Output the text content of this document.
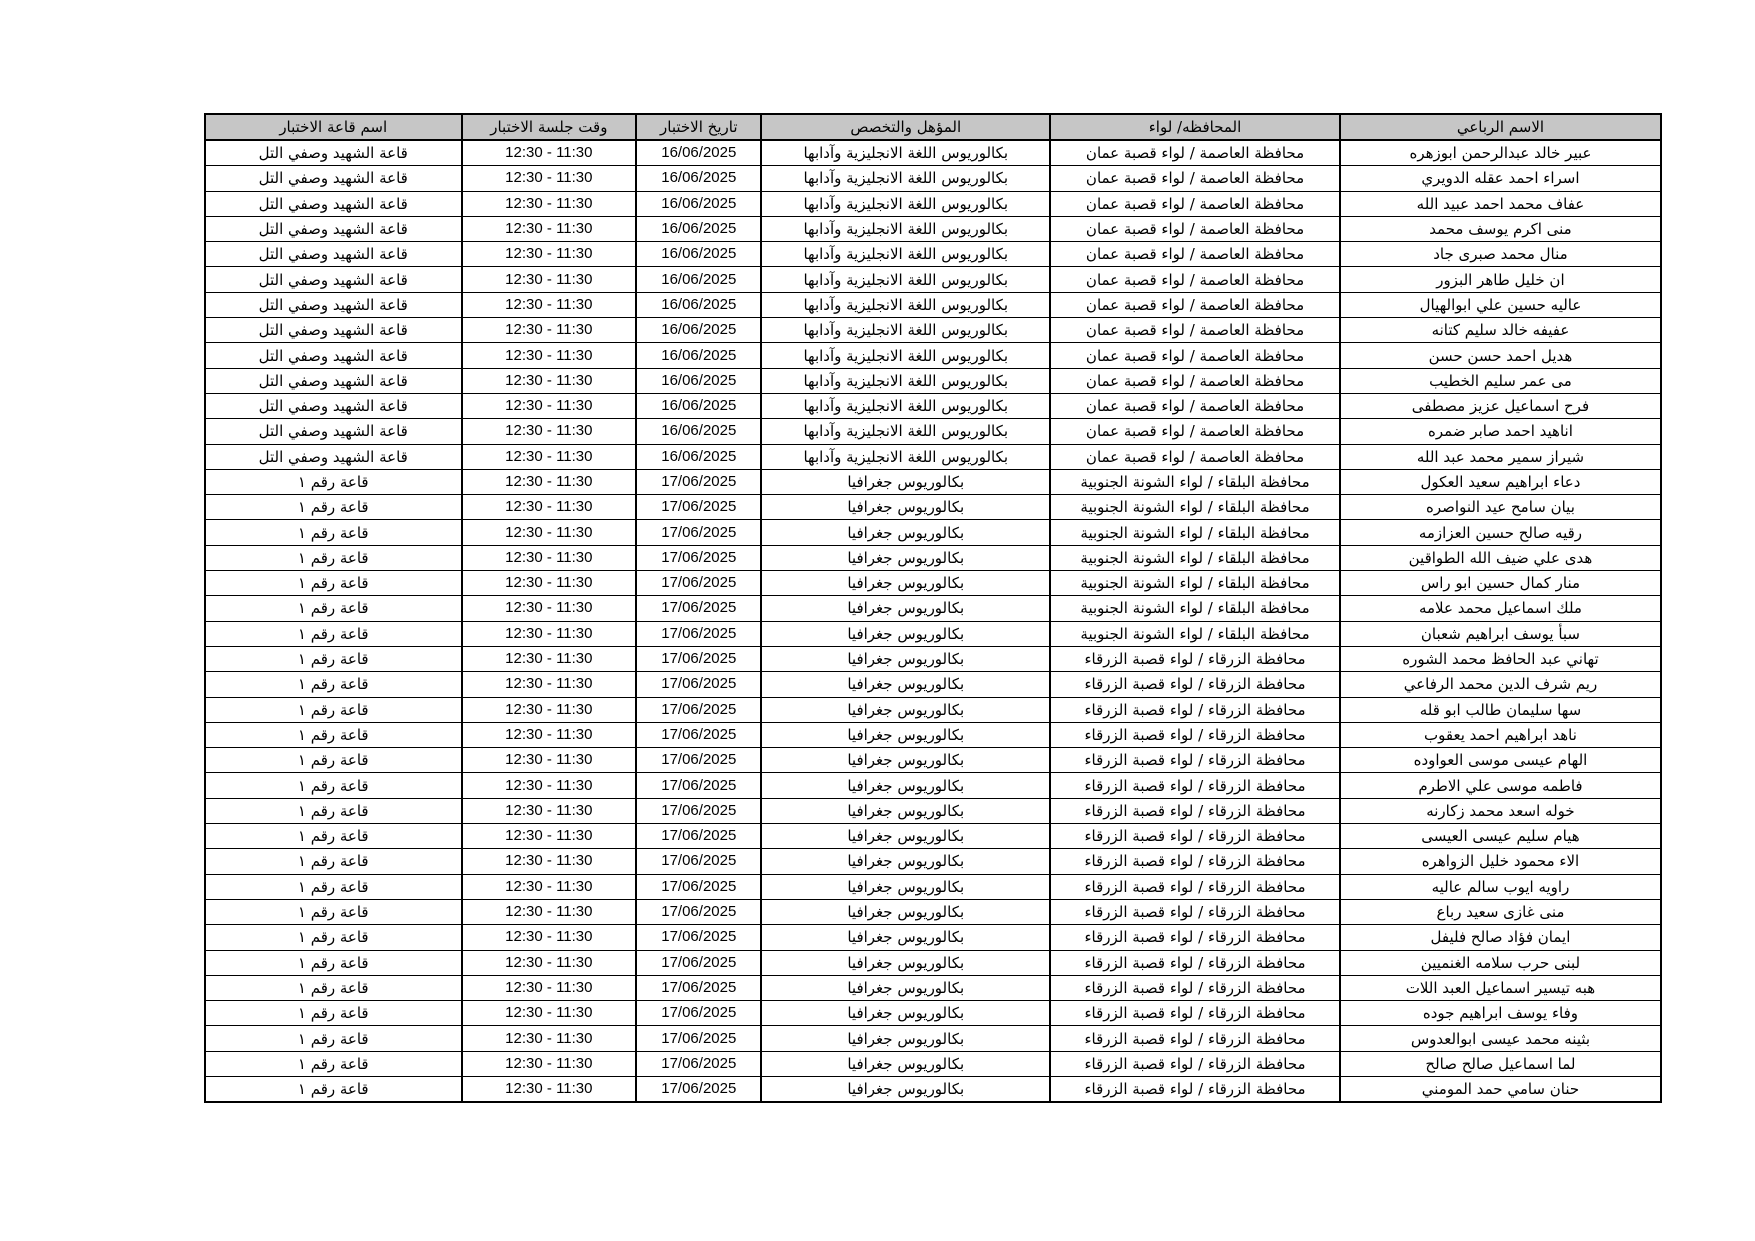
الاسم الرباعي	المحافظه/ لواء	المؤهل والتخصص	تاريخ الاختبار	وقت جلسة الاختبار	اسم قاعة الاختبار
عبير خالد عبدالرحمن ابوزهره	محافظة العاصمة / لواء قصبة عمان	بكالوريوس اللغة الانجليزية وآدابها	16/06/2025	11:30 - 12:30	قاعة الشهيد وصفي التل
اسراء احمد عقله الدويري	محافظة العاصمة / لواء قصبة عمان	بكالوريوس اللغة الانجليزية وآدابها	16/06/2025	11:30 - 12:30	قاعة الشهيد وصفي التل
عفاف محمد احمد عبيد الله	محافظة العاصمة / لواء قصبة عمان	بكالوريوس اللغة الانجليزية وآدابها	16/06/2025	11:30 - 12:30	قاعة الشهيد وصفي التل
منى اكرم يوسف محمد	محافظة العاصمة / لواء قصبة عمان	بكالوريوس اللغة الانجليزية وآدابها	16/06/2025	11:30 - 12:30	قاعة الشهيد وصفي التل
منال محمد صبرى جاد	محافظة العاصمة / لواء قصبة عمان	بكالوريوس اللغة الانجليزية وآدابها	16/06/2025	11:30 - 12:30	قاعة الشهيد وصفي التل
ان خليل طاهر البزور	محافظة العاصمة / لواء قصبة عمان	بكالوريوس اللغة الانجليزية وآدابها	16/06/2025	11:30 - 12:30	قاعة الشهيد وصفي التل
عاليه حسين علي ابوالهيال	محافظة العاصمة / لواء قصبة عمان	بكالوريوس اللغة الانجليزية وآدابها	16/06/2025	11:30 - 12:30	قاعة الشهيد وصفي التل
عفيفه خالد سليم كتانه	محافظة العاصمة / لواء قصبة عمان	بكالوريوس اللغة الانجليزية وآدابها	16/06/2025	11:30 - 12:30	قاعة الشهيد وصفي التل
هديل احمد حسن حسن	محافظة العاصمة / لواء قصبة عمان	بكالوريوس اللغة الانجليزية وآدابها	16/06/2025	11:30 - 12:30	قاعة الشهيد وصفي التل
مى عمر سليم الخطيب	محافظة العاصمة / لواء قصبة عمان	بكالوريوس اللغة الانجليزية وآدابها	16/06/2025	11:30 - 12:30	قاعة الشهيد وصفي التل
فرح اسماعيل عزيز مصطفى	محافظة العاصمة / لواء قصبة عمان	بكالوريوس اللغة الانجليزية وآدابها	16/06/2025	11:30 - 12:30	قاعة الشهيد وصفي التل
اناهيد احمد صابر ضمره	محافظة العاصمة / لواء قصبة عمان	بكالوريوس اللغة الانجليزية وآدابها	16/06/2025	11:30 - 12:30	قاعة الشهيد وصفي التل
شيراز سمير محمد عبد الله	محافظة العاصمة / لواء قصبة عمان	بكالوريوس اللغة الانجليزية وآدابها	16/06/2025	11:30 - 12:30	قاعة الشهيد وصفي التل
دعاء ابراهيم سعيد العكول	محافظة البلقاء / لواء الشونة الجنوبية	بكالوريوس جغرافيا	17/06/2025	11:30 - 12:30	قاعة رقم ١
بيان سامح عيد النواصره	محافظة البلقاء / لواء الشونة الجنوبية	بكالوريوس جغرافيا	17/06/2025	11:30 - 12:30	قاعة رقم ١
رقيه صالح حسين العزازمه	محافظة البلقاء / لواء الشونة الجنوبية	بكالوريوس جغرافيا	17/06/2025	11:30 - 12:30	قاعة رقم ١
هدى علي ضيف الله الطواقين	محافظة البلقاء / لواء الشونة الجنوبية	بكالوريوس جغرافيا	17/06/2025	11:30 - 12:30	قاعة رقم ١
منار كمال حسين ابو راس	محافظة البلقاء / لواء الشونة الجنوبية	بكالوريوس جغرافيا	17/06/2025	11:30 - 12:30	قاعة رقم ١
ملك اسماعيل محمد علامه	محافظة البلقاء / لواء الشونة الجنوبية	بكالوريوس جغرافيا	17/06/2025	11:30 - 12:30	قاعة رقم ١
سبأ يوسف ابراهيم شعبان	محافظة البلقاء / لواء الشونة الجنوبية	بكالوريوس جغرافيا	17/06/2025	11:30 - 12:30	قاعة رقم ١
تهاني عبد الحافظ محمد الشوره	محافظة الزرقاء / لواء قصبة الزرقاء	بكالوريوس جغرافيا	17/06/2025	11:30 - 12:30	قاعة رقم ١
ريم شرف الدين محمد الرفاعي	محافظة الزرقاء / لواء قصبة الزرقاء	بكالوريوس جغرافيا	17/06/2025	11:30 - 12:30	قاعة رقم ١
سها سليمان طالب ابو قله	محافظة الزرقاء / لواء قصبة الزرقاء	بكالوريوس جغرافيا	17/06/2025	11:30 - 12:30	قاعة رقم ١
ناهد ابراهيم احمد يعقوب	محافظة الزرقاء / لواء قصبة الزرقاء	بكالوريوس جغرافيا	17/06/2025	11:30 - 12:30	قاعة رقم ١
الهام عيسى موسى العواوده	محافظة الزرقاء / لواء قصبة الزرقاء	بكالوريوس جغرافيا	17/06/2025	11:30 - 12:30	قاعة رقم ١
فاطمه موسى علي الاطرم	محافظة الزرقاء / لواء قصبة الزرقاء	بكالوريوس جغرافيا	17/06/2025	11:30 - 12:30	قاعة رقم ١
خوله اسعد محمد زكارنه	محافظة الزرقاء / لواء قصبة الزرقاء	بكالوريوس جغرافيا	17/06/2025	11:30 - 12:30	قاعة رقم ١
هيام سليم عيسى العيسى	محافظة الزرقاء / لواء قصبة الزرقاء	بكالوريوس جغرافيا	17/06/2025	11:30 - 12:30	قاعة رقم ١
الاء محمود خليل الزواهره	محافظة الزرقاء / لواء قصبة الزرقاء	بكالوريوس جغرافيا	17/06/2025	11:30 - 12:30	قاعة رقم ١
راويه ايوب سالم عاليه	محافظة الزرقاء / لواء قصبة الزرقاء	بكالوريوس جغرافيا	17/06/2025	11:30 - 12:30	قاعة رقم ١
منى غازى سعيد رباع	محافظة الزرقاء / لواء قصبة الزرقاء	بكالوريوس جغرافيا	17/06/2025	11:30 - 12:30	قاعة رقم ١
ايمان فؤاد صالح فليفل	محافظة الزرقاء / لواء قصبة الزرقاء	بكالوريوس جغرافيا	17/06/2025	11:30 - 12:30	قاعة رقم ١
لبنى حرب سلامه الغنميين	محافظة الزرقاء / لواء قصبة الزرقاء	بكالوريوس جغرافيا	17/06/2025	11:30 - 12:30	قاعة رقم ١
هبه تيسير اسماعيل العبد اللات	محافظة الزرقاء / لواء قصبة الزرقاء	بكالوريوس جغرافيا	17/06/2025	11:30 - 12:30	قاعة رقم ١
وفاء يوسف ابراهيم جوده	محافظة الزرقاء / لواء قصبة الزرقاء	بكالوريوس جغرافيا	17/06/2025	11:30 - 12:30	قاعة رقم ١
بثينه محمد عيسى ابوالعدوس	محافظة الزرقاء / لواء قصبة الزرقاء	بكالوريوس جغرافيا	17/06/2025	11:30 - 12:30	قاعة رقم ١
لما اسماعيل صالح صالح	محافظة الزرقاء / لواء قصبة الزرقاء	بكالوريوس جغرافيا	17/06/2025	11:30 - 12:30	قاعة رقم ١
حنان سامي حمد المومني	محافظة الزرقاء / لواء قصبة الزرقاء	بكالوريوس جغرافيا	17/06/2025	11:30 - 12:30	قاعة رقم ١
